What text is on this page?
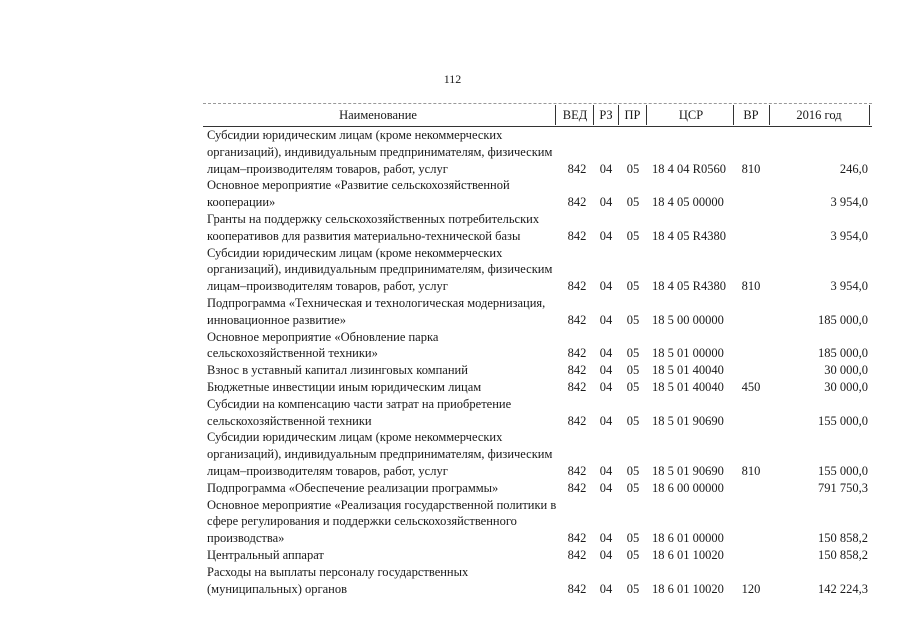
112
Наименование	ВЕД РЗ ПР	ЦСР	ВР	2016 год
Субсидии юридическим лицам (кроме некоммерческих организаций), индивидуальным предпринимателям, физическим лицам–производителям товаров, работ, услуг	842	04	05	18 4 04 R0560	810	246,0
Основное мероприятие «Развитие сельскохозяйственной кооперации»	842	04	05	18 4 05 00000	3 954,0
Гранты на поддержку сельскохозяйственных потребительских кооперативов для развития материально-технической базы	842	04	05	18 4 05 R4380	3 954,0
Субсидии юридическим лицам (кроме некоммерческих организаций), индивидуальным предпринимателям, физическим лицам–производителям товаров, работ, услуг	842	04	05	18 4 05 R4380	810	3 954,0
Подпрограмма «Техническая и технологическая модернизация, инновационное развитие»	842	04	05	18 5 00 00000	185 000,0
Основное мероприятие «Обновление парка сельскохозяйственной техники»	842	04	05	18 5 01 00000	185 000,0
Взнос в уставный капитал лизинговых компаний	842	04	05	18 5 01 40040	30 000,0
Бюджетные инвестиции иным юридическим лицам	842	04	05	18 5 01 40040	450	30 000,0
Субсидии на компенсацию части затрат на приобретение сельскохозяйственной техники	842	04	05	18 5 01 90690	155 000,0
Субсидии юридическим лицам (кроме некоммерческих организаций), индивидуальным предпринимателям, физическим лицам–производителям товаров, работ, услуг	842	04	05	18 5 01 90690	810	155 000,0
Подпрограмма «Обеспечение реализации программы»	842	04	05	18 6 00 00000	791 750,3
Основное мероприятие «Реализация государственной политики в сфере регулирования и поддержки сельскохозяйственного производства»	842	04	05	18 6 01 00000	150 858,2
Центральный аппарат	842	04	05	18 6 01 10020	150 858,2
Расходы на выплаты персоналу государственных (муниципальных) органов	842	04	05	18 6 01 10020	120	142 224,3
